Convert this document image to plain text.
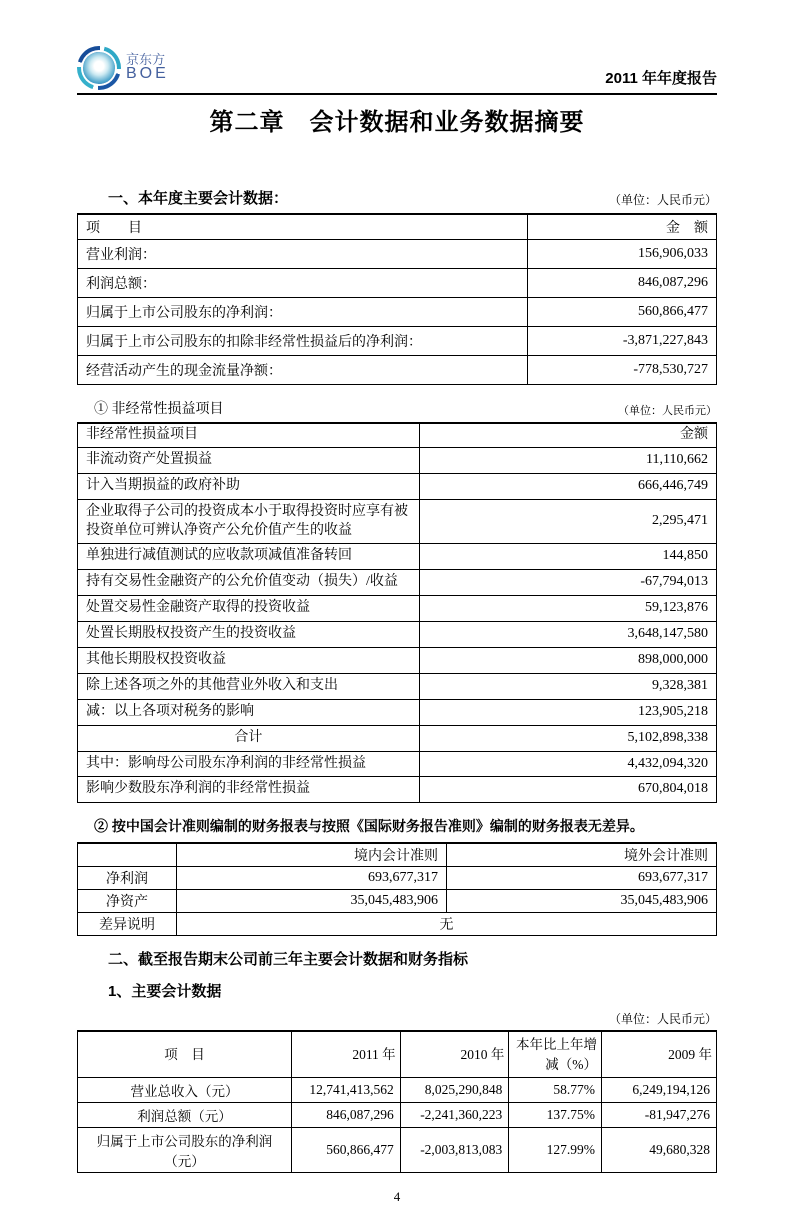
京东方
BOE	2011 年年度报告
第二章　会计数据和业务数据摘要
一、本年度主要会计数据：	（单位：人民币元）
项　　目	金　额
营业利润：	156,906,033
利润总额：	846,087,296
归属于上市公司股东的净利润：	560,866,477
归属于上市公司股东的扣除非经常性损益后的净利润：	-3,871,227,843
经营活动产生的现金流量净额：	-778,530,727
① 非经常性损益项目	（单位：人民币元）
非经常性损益项目	金额
非流动资产处置损益	11,110,662
计入当期损益的政府补助	666,446,749
企业取得子公司的投资成本小于取得投资时应享有被投资单位可辨认净资产公允价值产生的收益	2,295,471
单独进行减值测试的应收款项减值准备转回	144,850
持有交易性金融资产的公允价值变动（损失）/收益	-67,794,013
处置交易性金融资产取得的投资收益	59,123,876
处置长期股权投资产生的投资收益	3,648,147,580
其他长期股权投资收益	898,000,000
除上述各项之外的其他营业外收入和支出	9,328,381
减：以上各项对税务的影响	123,905,218
合计	5,102,898,338
其中：影响母公司股东净利润的非经常性损益	4,432,094,320
影响少数股东净利润的非经常性损益	670,804,018
② 按中国会计准则编制的财务报表与按照《国际财务报告准则》编制的财务报表无差异。
	境内会计准则	境外会计准则
净利润	693,677,317	693,677,317
净资产	35,045,483,906	35,045,483,906
差异说明	无	
二、截至报告期末公司前三年主要会计数据和财务指标
1、主要会计数据
（单位：人民币元）
项　目	2011 年	2010 年	本年比上年增减（%）	2009 年
营业总收入（元）	12,741,413,562	8,025,290,848	58.77%	6,249,194,126
利润总额（元）	846,087,296	-2,241,360,223	137.75%	-81,947,276
归属于上市公司股东的净利润（元）	560,866,477	-2,003,813,083	127.99%	49,680,328
4
